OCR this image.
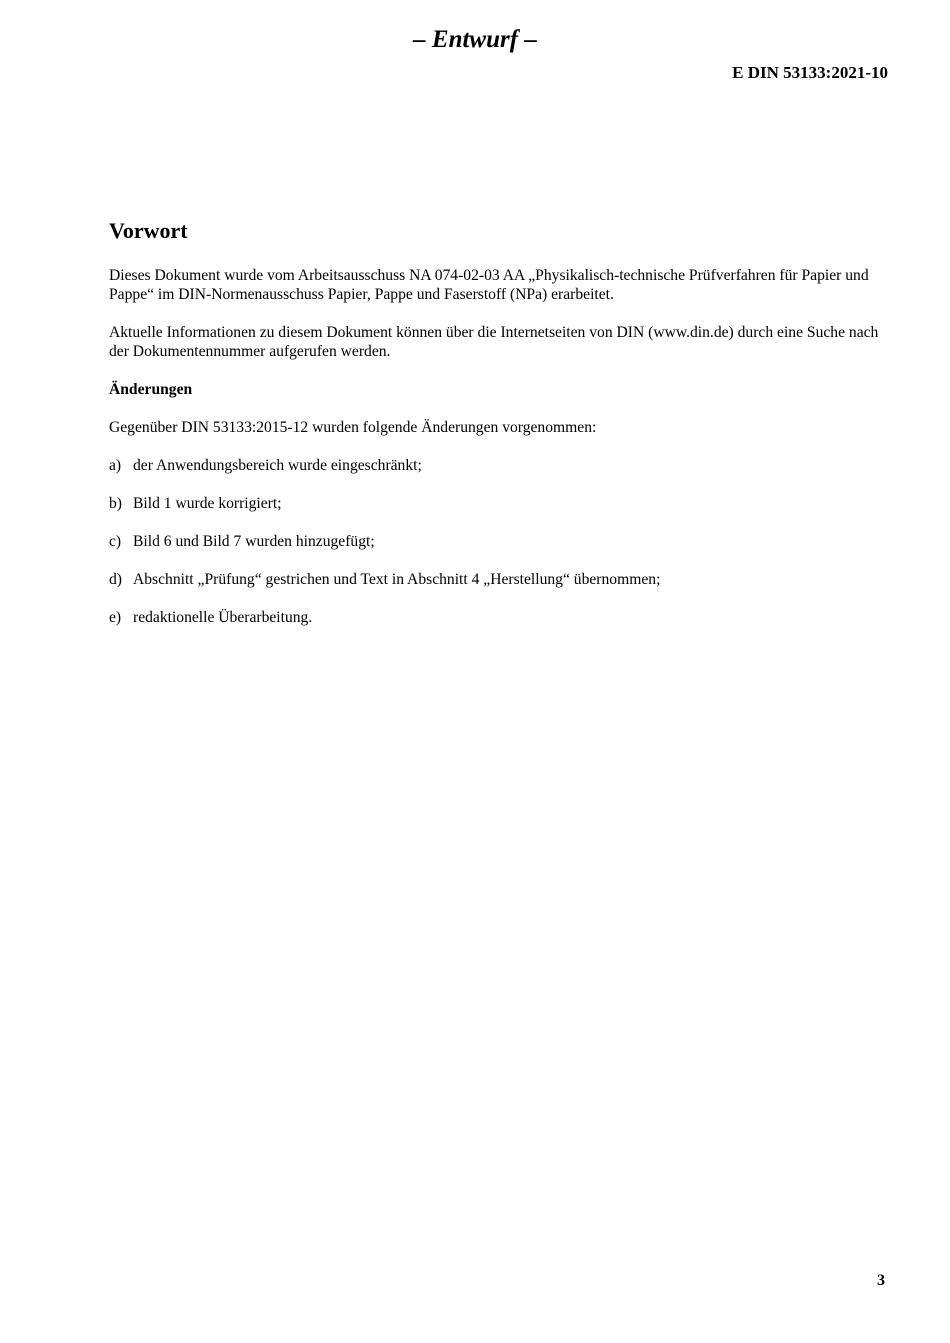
– Entwurf –
E DIN 53133:2021-10
Vorwort

Dieses Dokument wurde vom Arbeitsausschuss NA 074-02-03 AA „Physikalisch-technische Prüfverfahren für Papier und Pappe“ im DIN-Normenausschuss Papier, Pappe und Faserstoff (NPa) erarbeitet.

Aktuelle Informationen zu diesem Dokument können über die Internetseiten von DIN (www.din.de) durch eine Suche nach der Dokumentennummer aufgerufen werden.

Änderungen

Gegenüber DIN 53133:2015-12 wurden folgende Änderungen vorgenommen:

a) der Anwendungsbereich wurde eingeschränkt;
b) Bild 1 wurde korrigiert;
c) Bild 6 und Bild 7 wurden hinzugefügt;
d) Abschnitt „Prüfung“ gestrichen und Text in Abschnitt 4 „Herstellung“ übernommen;
e) redaktionelle Überarbeitung.
3
